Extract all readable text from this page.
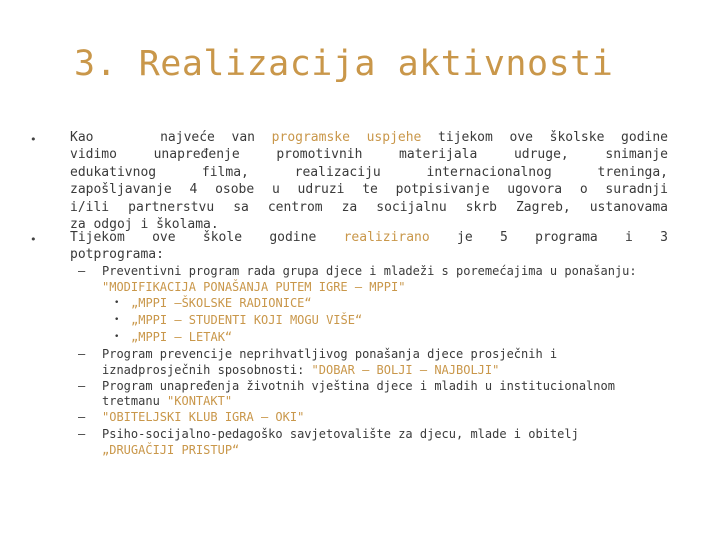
3. Realizacija aktivnosti
•	Kao	najveće van programske uspjehe tijekom ove školske godine
vidimo unapređenje promotivnih materijala udruge, snimanje
edukativnog filma, realizaciju internacionalnog treninga,
zapošljavanje 4 osobe u udruzi te potpisivanje ugovora o suradnji
i/ili partnerstvu sa centrom za socijalnu skrb Zagreb, ustanovama
za odgoj i školama.
•	Tijekom ove škole godine realizirano je 5 programa i 3
potprograma:
– Preventivni program rada grupa djece i mladeži s poremećajima u ponašanju:
"MODIFIKACIJA PONAŠANJA PUTEM IGRE – MPPI"
• „MPPI –ŠKOLSKE RADIONICE“
• „MPPI – STUDENTI KOJI MOGU VIŠE“
• „MPPI – LETAK“
– Program prevencije neprihvatljivog ponašanja djece prosječnih i
iznadprosječnih sposobnosti: "DOBAR – BOLJI – NAJBOLJI"
– Program unapređenja životnih vještina djece i mladih u institucionalnom
tretmanu "KONTAKT"
– "OBITELJSKI KLUB IGRA – OKI"
– Psiho-socijalno-pedagoško savjetovalište za djecu, mlade i obitelj
„DRUGAČIJI PRISTUP“
